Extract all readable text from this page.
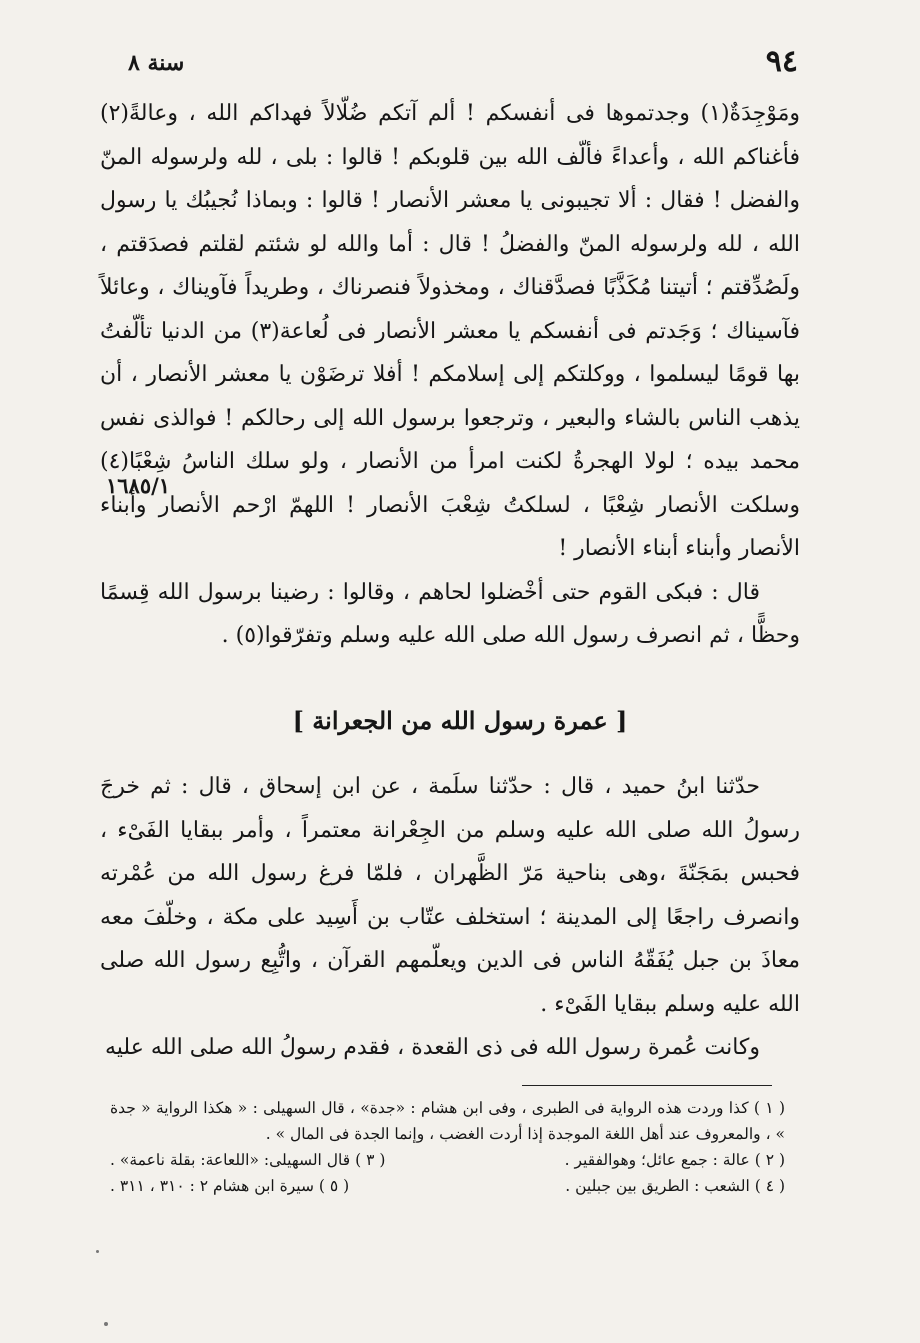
٩٤
سنة ٨

ومَوْجِدَةٌ(١) وجدتموها فى أنفسكم ! ألم آتكم ضُلّالاً فهداكم الله ، وعالةً(٢) فأغناكم الله ، وأعداءً فألّف الله بين قلوبكم ! قالوا : بلى ، لله ولرسوله المنّ والفضل ! فقال : ألا تجيبونى يا معشر الأنصار ! قالوا : وبماذا نُجيبُك يا رسول الله ، لله ولرسوله المنّ والفضلُ ! قال : أما والله لو شئتم لقلتم فصدَقتم ، ولَصُدِّقتم ؛ أتيتنا مُكَذَّبًا فصدَّقناك ، ومخذولاً فنصرناك ، وطريداً فآويناك ، وعائلاً فآسيناك ؛ وَجَدتم فى أنفسكم يا معشر الأنصار فى لُعاعة(٣) من الدنيا تألّفتُ بها قومًا ليسلموا ، ووكلتكم إلى إسلامكم ! أفلا ترضَوْن يا معشر الأنصار ، أن يذهب الناس بالشاء والبعير ، وترجعوا برسول الله إلى رحالكم ! فوالذى نفس محمد بيده ؛ لولا الهجرةُ لكنت امرأ من الأنصار ، ولو سلك الناسُ شِعْبًا(٤) وسلكت الأنصار شِعْبًا ، لسلكتُ شِعْبَ الأنصار ! اللهمّ ارْحم الأنصار وأبناء الأنصار وأبناء أبناء الأنصار !

قال : فبكى القوم حتى أخْضلوا لحاهم ، وقالوا : رضينا برسول الله قِسمًا وحظًّا ، ثم انصرف رسول الله صلى الله عليه وسلم وتفرّقوا(٥) .

١٦٨٥/١
[ عمرة رسول الله من الجعرانة ]

حدّثنا ابنُ حميد ، قال : حدّثنا سلَمة ، عن ابن إسحاق ، قال : ثم خرجَ رسولُ الله صلى الله عليه وسلم من الجِعْرانة معتمراً ، وأمر ببقايا الفَىْء ، فحبس بمَجَنّةَ ،وهى بناحية مَرّ الظَّهران ، فلمّا فرغ رسول الله من عُمْرته وانصرف راجعًا إلى المدينة ؛ استخلف عتّاب بن أَسِيد على مكة ، وخلّفَ معه معاذَ بن جبل يُفَقّهُ الناس فى الدين ويعلّمهم القرآن ، واتُّبِع رسول الله صلى الله عليه وسلم ببقايا الفَىْء .

وكانت عُمرة رسول الله فى ذى القعدة ، فقدم رسولُ الله صلى الله عليه

( ١ ) كذا وردت هذه الرواية فى الطبرى ، وفى ابن هشام : «جدة» ، قال السهيلى : « هكذا الرواية « جدة » ، والمعروف عند أهل اللغة الموجدة إذا أردت الغضب ، وإنما الجدة فى المال » .

( ٢ ) عالة : جمع عائل؛ وهوالفقير .
( ٣ ) قال السهيلى: «اللعاعة: بقلة ناعمة» .
( ٤ ) الشعب : الطريق بين جبلين .
( ٥ ) سيرة ابن هشام ٢ : ٣١٠ ، ٣١١ .
